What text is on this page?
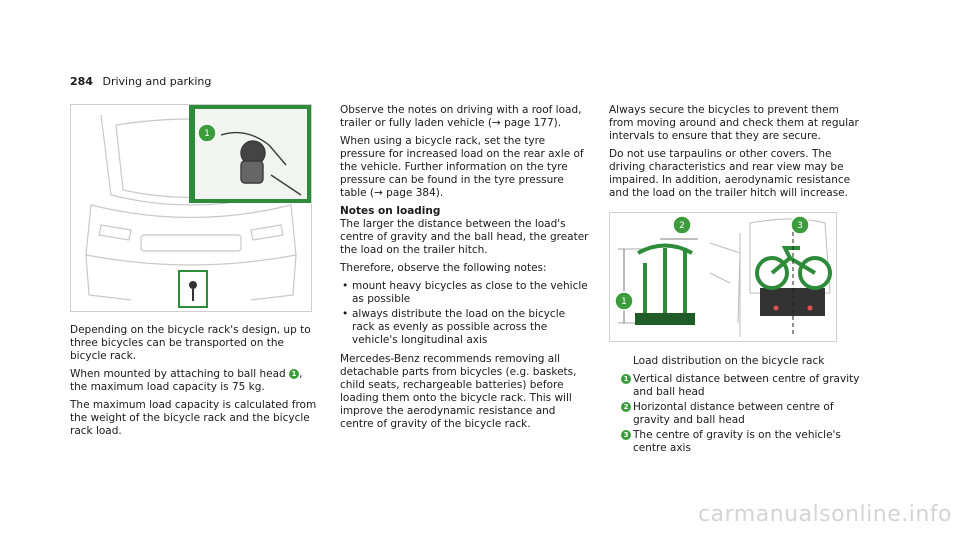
284 Driving and parking
1

Depending on the bicycle rack's design, up to three bicycles can be transported on the bicycle rack.

When mounted by attaching to ball head 1 , the maximum load capacity is 75 kg.

The maximum load capacity is calculated from the weight of the bicycle rack and the bicycle rack load.

Observe the notes on driving with a roof load, trailer or fully laden vehicle (→ page 177).

When using a bicycle rack, set the tyre pressure for increased load on the rear axle of the vehicle. Further information on the tyre pressure can be found in the tyre pressure table (→ page 384).

Notes on loading

The larger the distance between the load's centre of gravity and the ball head, the greater the load on the trailer hitch.

Therefore, observe the following notes:

• mount heavy bicycles as close to the vehicle as possible
• always distribute the load on the bicycle rack as evenly as possible across the vehicle's longitudinal axis

Mercedes-Benz recommends removing all detachable parts from bicycles (e.g. baskets, child seats, rechargeable batteries) before loading them onto the bicycle rack. This will improve the aerodynamic resistance and centre of gravity of the bicycle rack.

Always secure the bicycles to prevent them from moving around and check them at regular intervals to ensure that they are secure.

Do not use tarpaulins or other covers. The driving characteristics and rear view may be impaired. In addition, aerodynamic resistance and the load on the trailer hitch will increase.

1
2	3

Load distribution on the bicycle rack

1 Vertical distance between centre of gravity and ball head
2 Horizontal distance between centre of gravity and ball head
3 The centre of gravity is on the vehicle's centre axis
carmanualsonline.info
